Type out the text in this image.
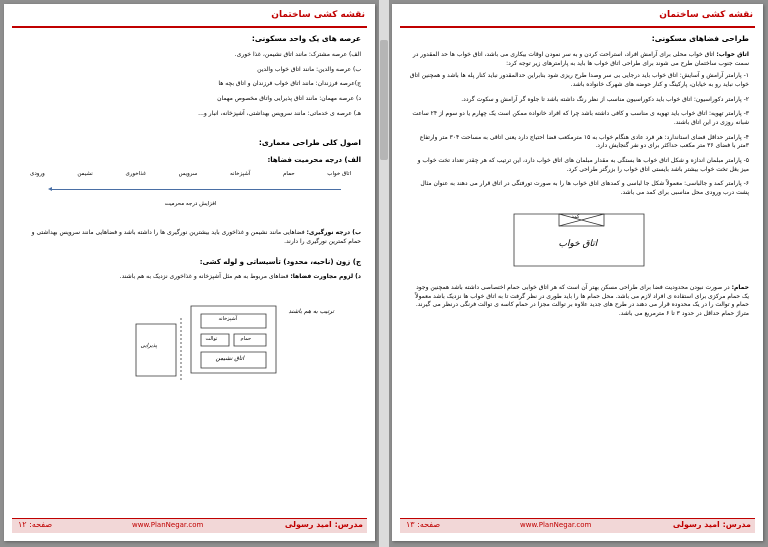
نقشه کشی ساختمان
عرصه های یک واحد مسکونی:
الف) عرصه مشترک: مانند اتاق نشیمن، غذا خوری.
ب) عرصه والدین: مانند اتاق خواب والدین
ج)عرصه فرزندان: مانند اتاق خواب فرزندان و اتاق بچه ها
د) عرصه مهمان: مانند اتاق پذیرایی واتاق مخصوص مهمان
هـ) عرصه ی خدماتی: مانند سرویس بهداشتی، آشپزخانه، انبار و...
اصول کلی طراحی معماری:
الف) درجه محرمیت فضاها:
اتاق خواب
حمام
آشپزخانه
سرویس
غذاخوری
نشیمن
ورودی
افزایش درجه محرمیت
ب) درجه نورگیری: فضاهایی مانند نشیمن و غذاخوری باید بیشترین نورگیری ها را داشته باشد و فضاهایی مانند سرویس بهداشتی و حمام کمترین نورگیری را دارند.
ج) زون (ناحیه، محدود) تأسیساتی و لوله کشی:
د) لزوم مجاورت فضاها: فضاهای مربوط به هم مثل آشپزخانه و غذاخوری نزدیک به هم باشند.
ترتیب به هم باشند
آشپزخانه
حمام
توالت
اتاق نشیمن
پذیرایی
مدرس: امید رسولی
www.PlanNegar.com
صفحه: ۱۲
نقشه کشی ساختمان
طراحی فضاهای مسکونی:
اتاق خواب: اتاق خواب محلی برای آرامش افراد، استراحت کردن و به سر نمودن اوقات بیکاری می باشد، اتاق خواب ها حد المقدور در سمت جنوب ساختمان طرح می شوند برای طراحی اتاق خواب ها باید به پارامترهای زیر توجه کرد:
۱- پارامتر آرامش و آسایش: اتاق خواب باید درجایی بی سر وصدا طرح ریزی شود بنابراین حدالمقدور نباید کنار پله ها باشد و همچنین اتاق خواب نباید رو به خیابان، پارکینگ و کنار حوضه های شهرک خانواده باشد.
۲- پارامتر دکوراسیون: اتاق خواب باید دکوراسیون مناسب از نظر رنگ داشته باشد تا جلوه گر آرامش و سکوت گردد.
۳- پارامتر تهویه: اتاق خواب باید تهویه ی مناسب و کافی داشته باشد چرا که افراد خانواده ممکن است یک چهارم یا دو سوم از ۲۴ ساعت شبانه روزی در این اتاق باشند.
۴- پارامتر حداقل فضای استاندارد: هر فرد عادی هنگام خواب به ۱۵ مترمکعب فضا احتیاج دارد یعنی اتاقی به مساحت ۳۰۴ متر وارتفاع ۳متر با فضای ۳۶ متر مکعب حداکثر برای دو نفر گنجایش دارد.
۵- پارامتر مبلمان اندازه و شکل اتاق خواب ها بستگی به مقدار مبلمان های اتاق خواب دارد، این ترتیب که هر چقدر تعداد تخت خواب و میز بغل تخت خواب بیشتر باشد بایستی اتاق خواب را بزرگتر طراحی کرد.
۶- پارامتر کمد و جالباسی: معمولاً شکل جا لباسی و کمدهای اتاق خواب ها را به صورت تورفتگی در اتاق قرار می دهند به عنوان مثال پشت درب ورودی محل مناسبی برای کمد می باشد.
کمد
اتاق خواب
حمام: در صورت نبودن محدودیت فضا برای طراحی مسکن بهتر آن است که هر اتاق خوابی حمام اختصاصی داشته باشد همچنین وجود یک حمام مرکزی برای استفاده ی افراد لازم می باشد. محل حمام ها را باید طوری در نظر گرفت تا به اتاق خواب ها نزدیک باشد معمولاً حمام و توالت را در یک محدوده قرار می دهند در طرح های جدید علاوه بر توالت مجزا در حمام کاسه ی توالت فرنگی درنظر می گیرند. متراژ حمام حداقل در حدود ۳ تا ۶ مترمربع می باشد.
مدرس: امید رسولی
www.PlanNegar.com
صفحه: ۱۳
